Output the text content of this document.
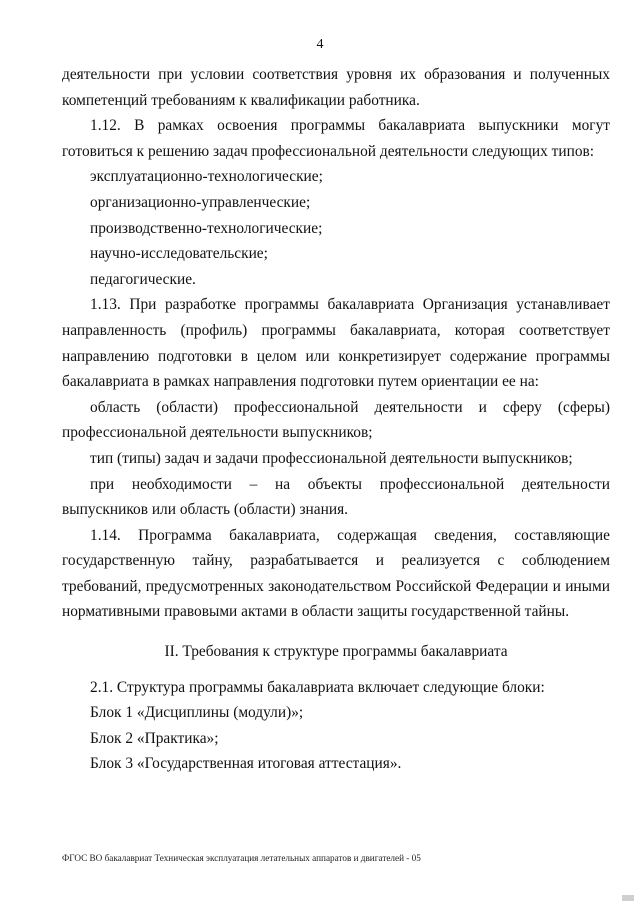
4

деятельности при условии соответствия уровня их образования и полученных компетенций требованиям к квалификации работника.

1.12. В рамках освоения программы бакалавриата выпускники могут готовиться к решению задач профессиональной деятельности следующих типов:

эксплуатационно-технологические;

организационно-управленческие;

производственно-технологические;

научно-исследовательские;

педагогические.

1.13. При разработке программы бакалавриата Организация устанавливает направленность (профиль) программы бакалавриата, которая соответствует направлению подготовки в целом или конкретизирует содержание программы бакалавриата в рамках направления подготовки путем ориентации ее на:

область (области) профессиональной деятельности и сферу (сферы) профессиональной деятельности выпускников;

тип (типы) задач и задачи профессиональной деятельности выпускников;

при необходимости – на объекты профессиональной деятельности выпускников или область (области) знания.

1.14. Программа бакалавриата, содержащая сведения, составляющие государственную тайну, разрабатывается и реализуется с соблюдением требований, предусмотренных законодательством Российской Федерации и иными нормативными правовыми актами в области защиты государственной тайны.

II. Требования к структуре программы бакалавриата

2.1. Структура программы бакалавриата включает следующие блоки:

Блок 1 «Дисциплины (модули)»;

Блок 2 «Практика»;

Блок 3 «Государственная итоговая аттестация».

ФГОС ВО бакалавриат Техническая эксплуатация летательных аппаратов и двигателей - 05
